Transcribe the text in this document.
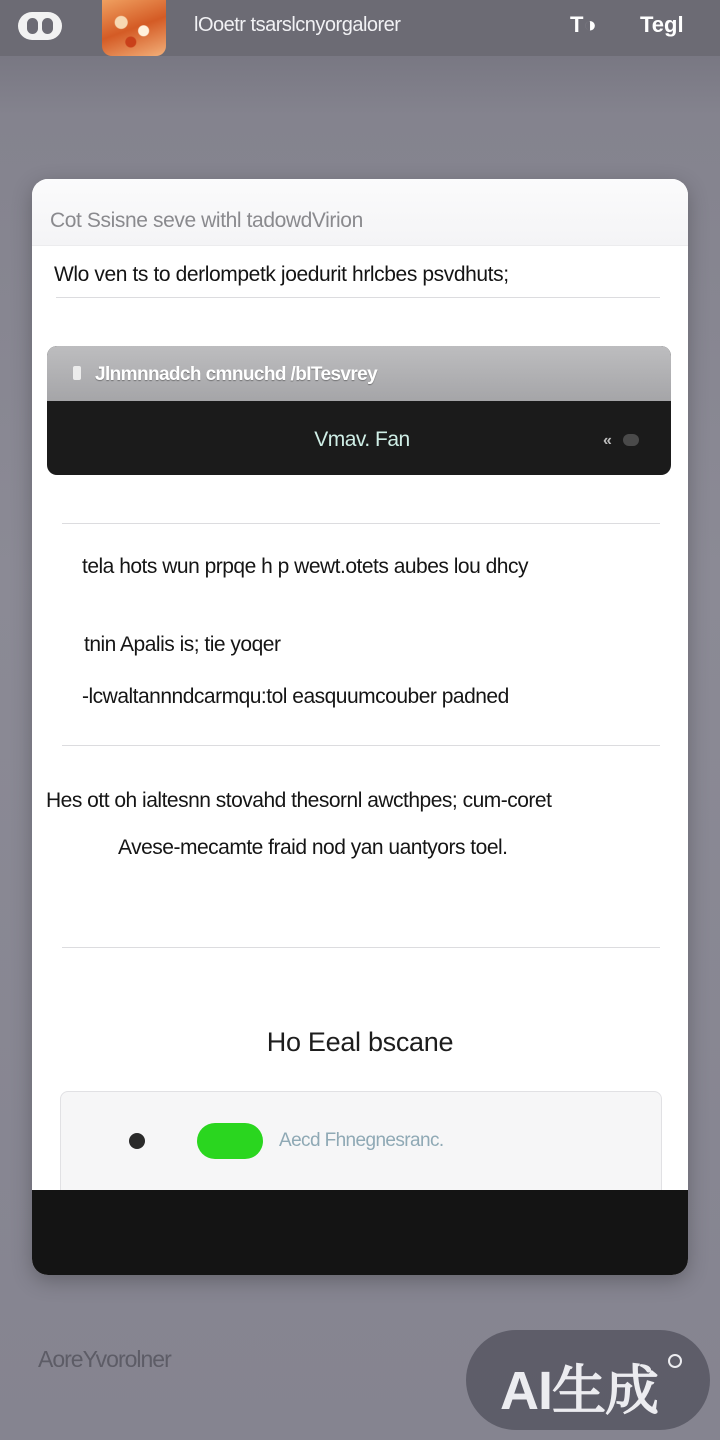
lOoetr tsarslcnyorgalorer	T◑ Tegl
Cot Ssisne seve withl tadowdVirion
Wlo ven ts to derlompetk joedurit hrlcbes psvdhuts;
Jlnmnnadch cmnuchd /bITesvrey
Vmav. Fan	«
tela hots wun prpqe h p wewt.otets aubes lou dhcy
tnin Apalis is; tie yoqer
-lcwaltannndcarmqu:tol easquumcouber padned
Hes ott oh ialtesnn stovahd thesornl awcthpes; cum-coret
Avese-mecamte fraid nod yan uantyors toel.
Ho Eeal bscane
Aecd Fhnegnesranc.
AoreYvorolner
AI生成
